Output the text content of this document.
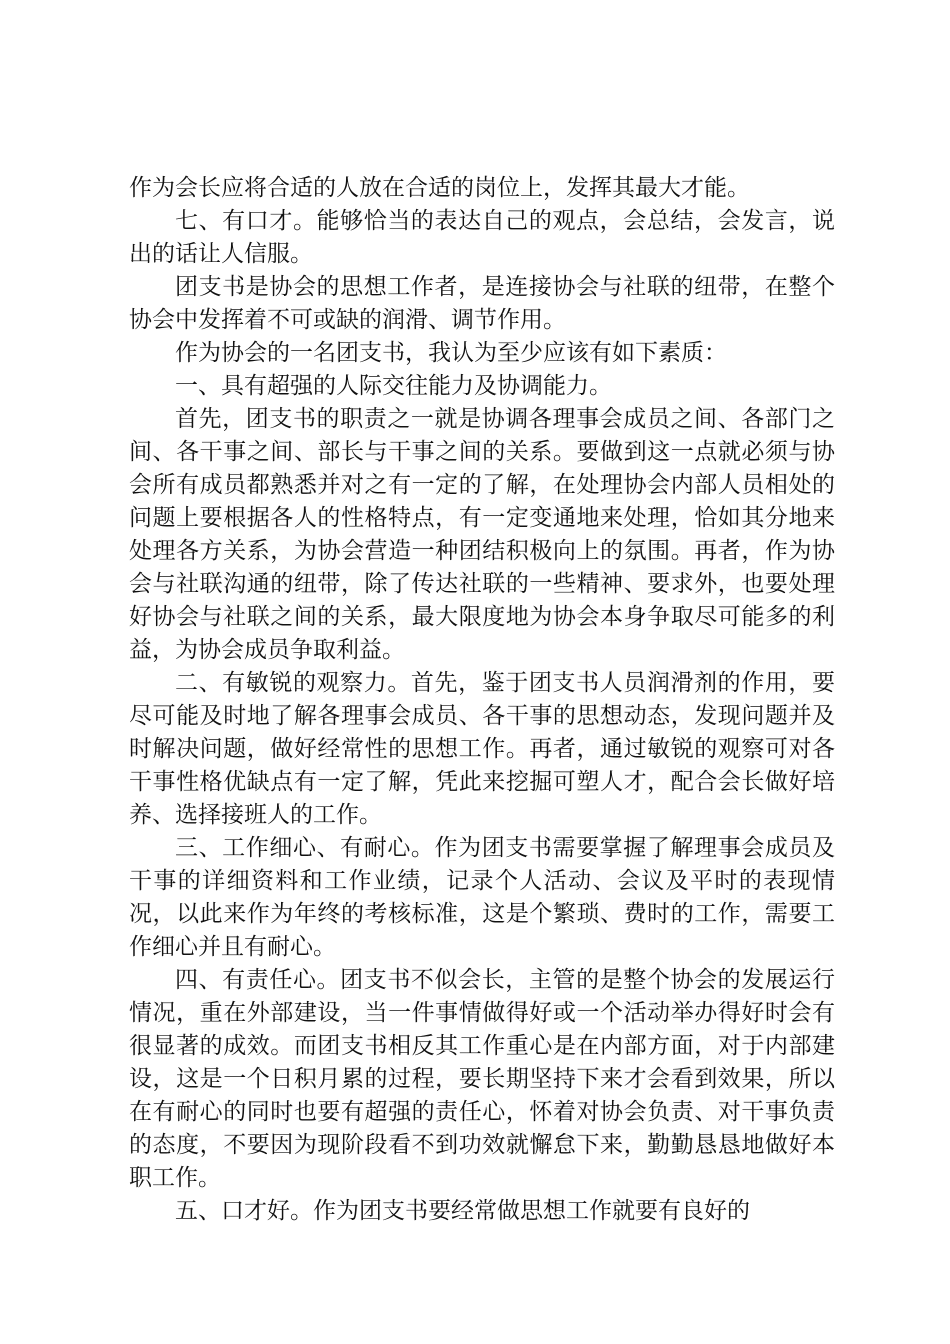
作为会长应将合适的人放在合适的岗位上，发挥其最大才能。

七、有口才。能够恰当的表达自己的观点，会总结，会发言，说出的话让人信服。

团支书是协会的思想工作者，是连接协会与社联的纽带，在整个协会中发挥着不可或缺的润滑、调节作用。

作为协会的一名团支书，我认为至少应该有如下素质：

一、具有超强的人际交往能力及协调能力。

首先，团支书的职责之一就是协调各理事会成员之间、各部门之间、各干事之间、部长与干事之间的关系。要做到这一点就必须与协会所有成员都熟悉并对之有一定的了解，在处理协会内部人员相处的问题上要根据各人的性格特点，有一定变通地来处理，恰如其分地来处理各方关系，为协会营造一种团结积极向上的氛围。再者，作为协会与社联沟通的纽带，除了传达社联的一些精神、要求外，也要处理好协会与社联之间的关系，最大限度地为协会本身争取尽可能多的利益，为协会成员争取利益。

二、有敏锐的观察力。首先，鉴于团支书人员润滑剂的作用，要尽可能及时地了解各理事会成员、各干事的思想动态，发现问题并及时解决问题，做好经常性的思想工作。再者，通过敏锐的观察可对各干事性格优缺点有一定了解，凭此来挖掘可塑人才，配合会长做好培养、选择接班人的工作。

三、工作细心、有耐心。作为团支书需要掌握了解理事会成员及干事的详细资料和工作业绩，记录个人活动、会议及平时的表现情况，以此来作为年终的考核标准，这是个繁琐、费时的工作，需要工作细心并且有耐心。

四、有责任心。团支书不似会长，主管的是整个协会的发展运行情况，重在外部建设，当一件事情做得好或一个活动举办得好时会有很显著的成效。而团支书相反其工作重心是在内部方面，对于内部建设，这是一个日积月累的过程，要长期坚持下来才会看到效果，所以在有耐心的同时也要有超强的责任心，怀着对协会负责、对干事负责的态度，不要因为现阶段看不到功效就懈怠下来，勤勤恳恳地做好本职工作。

五、口才好。作为团支书要经常做思想工作就要有良好的
